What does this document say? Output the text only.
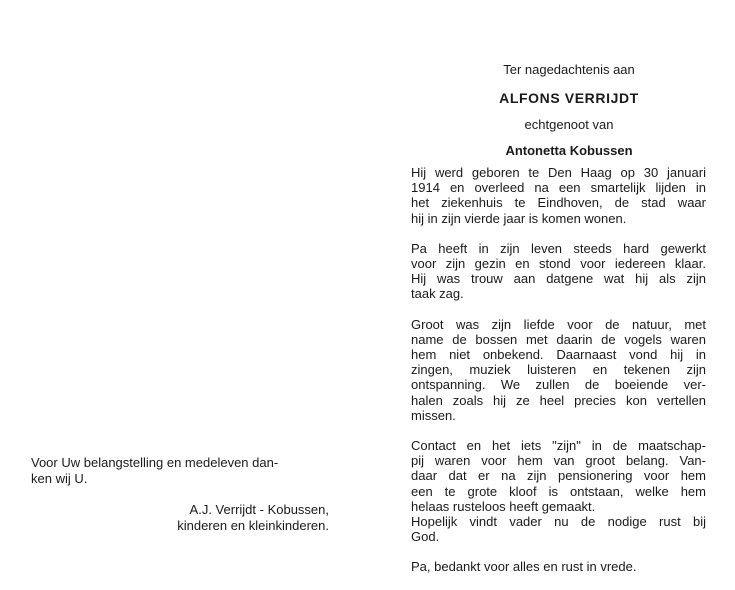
Voor Uw belangstelling en medeleven dan-
ken wij U.
A.J. Verrijdt - Kobussen,
kinderen en kleinkinderen.
Ter nagedachtenis aan
ALFONS VERRIJDT
echtgenoot van
Antonetta Kobussen
Hij werd geboren te Den Haag op 30 januari
1914 en overleed na een smartelijk lijden in
het ziekenhuis te Eindhoven, de stad waar
hij in zijn vierde jaar is komen wonen.
Pa heeft in zijn leven steeds hard gewerkt
voor zijn gezin en stond voor iedereen klaar.
Hij was trouw aan datgene wat hij als zijn
taak zag.
Groot was zijn liefde voor de natuur, met
name de bossen met daarin de vogels waren
hem niet onbekend. Daarnaast vond hij in
zingen, muziek luisteren en tekenen zijn
ontspanning. We zullen de boeiende ver-
halen zoals hij ze heel precies kon vertellen
missen.
Contact en het iets "zijn" in de maatschap-
pij waren voor hem van groot belang. Van-
daar dat er na zijn pensionering voor hem
een te grote kloof is ontstaan, welke hem
helaas rusteloos heeft gemaakt.
Hopelijk vindt vader nu de nodige rust bij
God.
Pa, bedankt voor alles en rust in vrede.
